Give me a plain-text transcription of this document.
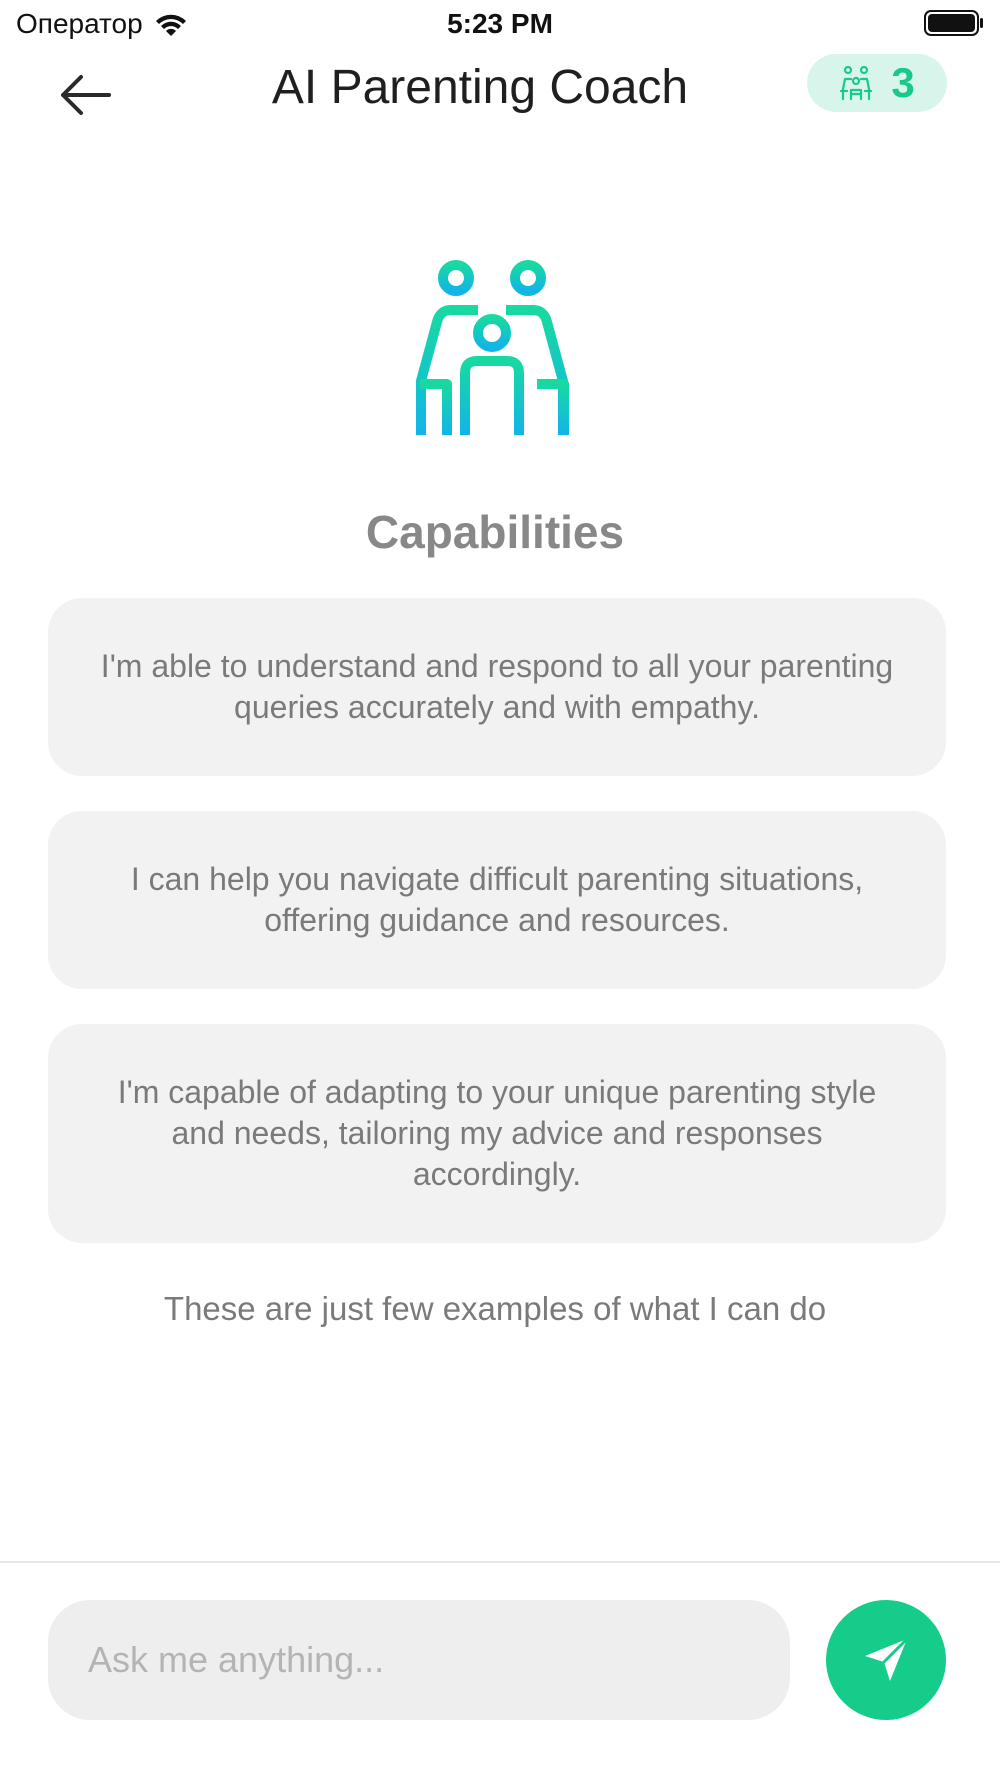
Оператор	5:23 PM
AI Parenting Coach	3
Capabilities
I'm able to understand and respond to all your parenting queries accurately and with empathy.
I can help you navigate difficult parenting situations, offering guidance and resources.
I'm capable of adapting to your unique parenting style and needs, tailoring my advice and responses accordingly.
These are just few examples of what I can do
Ask me anything...
